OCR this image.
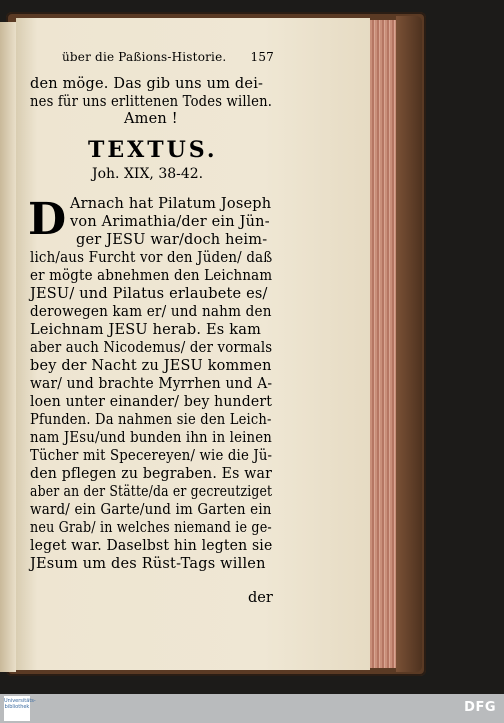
über die Paßions-Historie. 157
den möge. Das gib uns um dei-
nes für uns erlittenen Todes willen.
Amen !
TEXTUS.
Joh. XIX, 38-42.
D Arnach hat Pilatum Joseph
von Arimathia/der ein Jün-
ger JESU war/doch heim-
lich/aus Furcht vor den Jüden/ daß
er mögte abnehmen den Leichnam
JESU/ und Pilatus erlaubete es/
derowegen kam er/ und nahm den
Leichnam JESU herab. Es kam
aber auch Nicodemus/ der vormals
bey der Nacht zu JESU kommen
war/ und brachte Myrrhen und A-
loen unter einander/ bey hundert
Pfunden. Da nahmen sie den Leich-
nam JEsu/und bunden ihn in leinen
Tücher mit Specereyen/ wie die Jü-
den pflegen zu begraben. Es war
aber an der Stätte/da er gecreutziget
ward/ ein Garte/und im Garten ein
neu Grab/ in welches niemand ie ge-
leget war. Daselbst hin legten sie
JEsum um des Rüst-Tags willen
der
Universitäts-bibliothek	DFG
